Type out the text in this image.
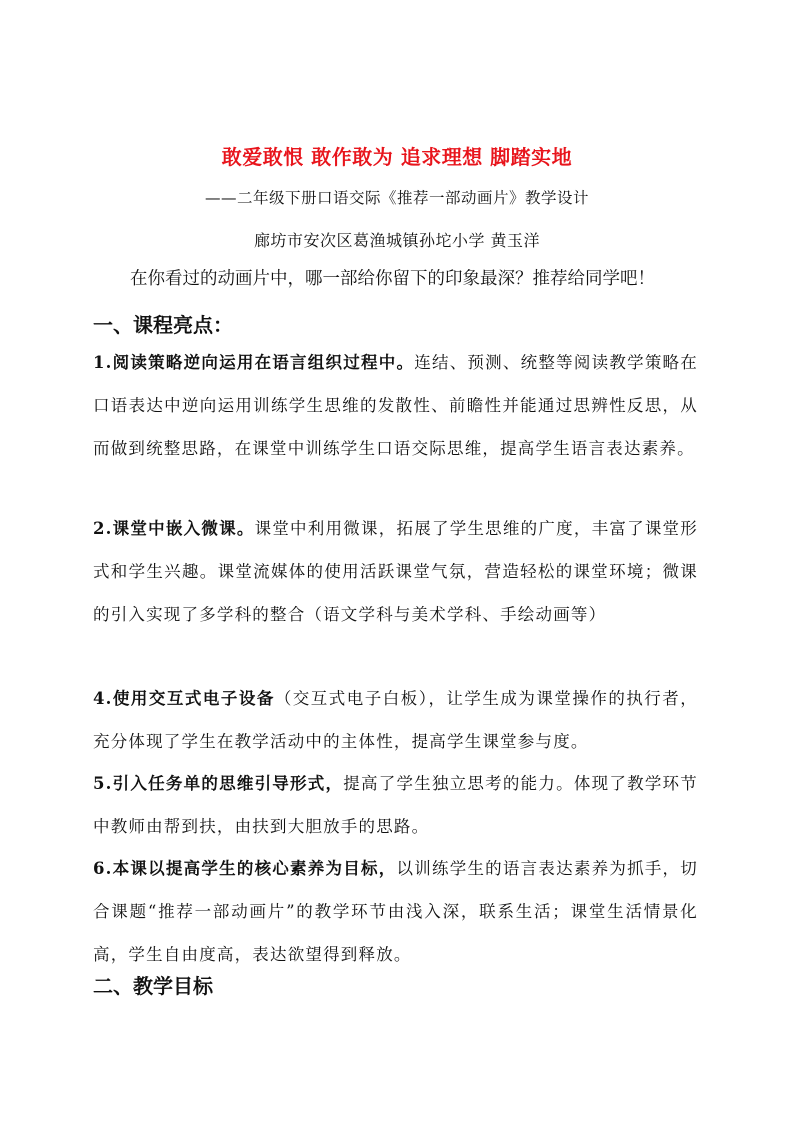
敢爱敢恨 敢作敢为 追求理想 脚踏实地
——二年级下册口语交际《推荐一部动画片》教学设计
廊坊市安次区葛渔城镇孙坨小学 黄玉洋
在你看过的动画片中，哪一部给你留下的印象最深？推荐给同学吧！
一、课程亮点：
1.阅读策略逆向运用在语言组织过程中。连结、预测、统整等阅读教学策略在口语表达中逆向运用训练学生思维的发散性、前瞻性并能通过思辨性反思，从而做到统整思路，在课堂中训练学生口语交际思维，提高学生语言表达素养。
2.课堂中嵌入微课。课堂中利用微课，拓展了学生思维的广度，丰富了课堂形式和学生兴趣。课堂流媒体的使用活跃课堂气氛，营造轻松的课堂环境；微课的引入实现了多学科的整合（语文学科与美术学科、手绘动画等）
4.使用交互式电子设备（交互式电子白板），让学生成为课堂操作的执行者，充分体现了学生在教学活动中的主体性，提高学生课堂参与度。
5.引入任务单的思维引导形式，提高了学生独立思考的能力。体现了教学环节中教师由帮到扶，由扶到大胆放手的思路。
6.本课以提高学生的核心素养为目标，以训练学生的语言表达素养为抓手，切合课题“推荐一部动画片”的教学环节由浅入深，联系生活；课堂生活情景化高，学生自由度高，表达欲望得到释放。
二、教学目标
